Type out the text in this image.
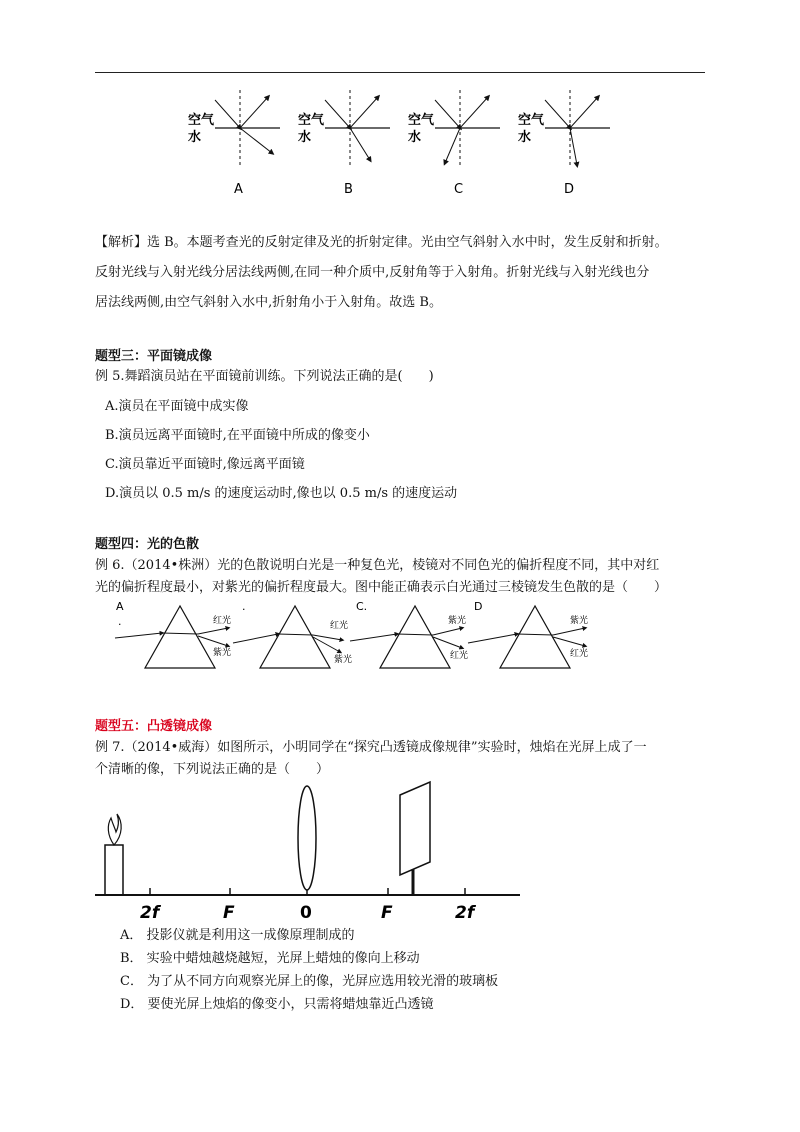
空气
水
A
空气
水
B
空气
水
C
空气
水
D
【解析】选 B。本题考查光的反射定律及光的折射定律。光由空气斜射入水中时，发生反射和折射。
反射光线与入射光线分居法线两侧,在同一种介质中,反射角等于入射角。折射光线与入射光线也分
居法线两侧,由空气斜射入水中,折射角小于入射角。故选 B。
题型三：平面镜成像
例 5.舞蹈演员站在平面镜前训练。下列说法正确的是(　　)
A.演员在平面镜中成实像
B.演员远离平面镜时,在平面镜中所成的像变小
C.演员靠近平面镜时,像远离平面镜
D.演员以 0.5 m/s 的速度运动时,像也以 0.5 m/s 的速度运动
题型四：光的色散
例 6.（2014•株洲）光的色散说明白光是一种复色光，棱镜对不同色光的偏折程度不同，其中对红
光的偏折程度最小，对紫光的偏折程度最大。图中能正确表示白光通过三棱镜发生色散的是（　　）
A
.
.	C.	D
红光
紫光
红光
紫光
紫光
红光
紫光
红光
题型五：凸透镜成像
例 7.（2014•威海）如图所示，小明同学在“探究凸透镜成像规律”实验时，烛焰在光屏上成了一
个清晰的像，下列说法正确的是（　　）
2f	F	0	F	2f
A． 投影仪就是利用这一成像原理制成的
B． 实验中蜡烛越烧越短，光屏上蜡烛的像向上移动
C． 为了从不同方向观察光屏上的像，光屏应选用较光滑的玻璃板
D． 要使光屏上烛焰的像变小，只需将蜡烛靠近凸透镜
